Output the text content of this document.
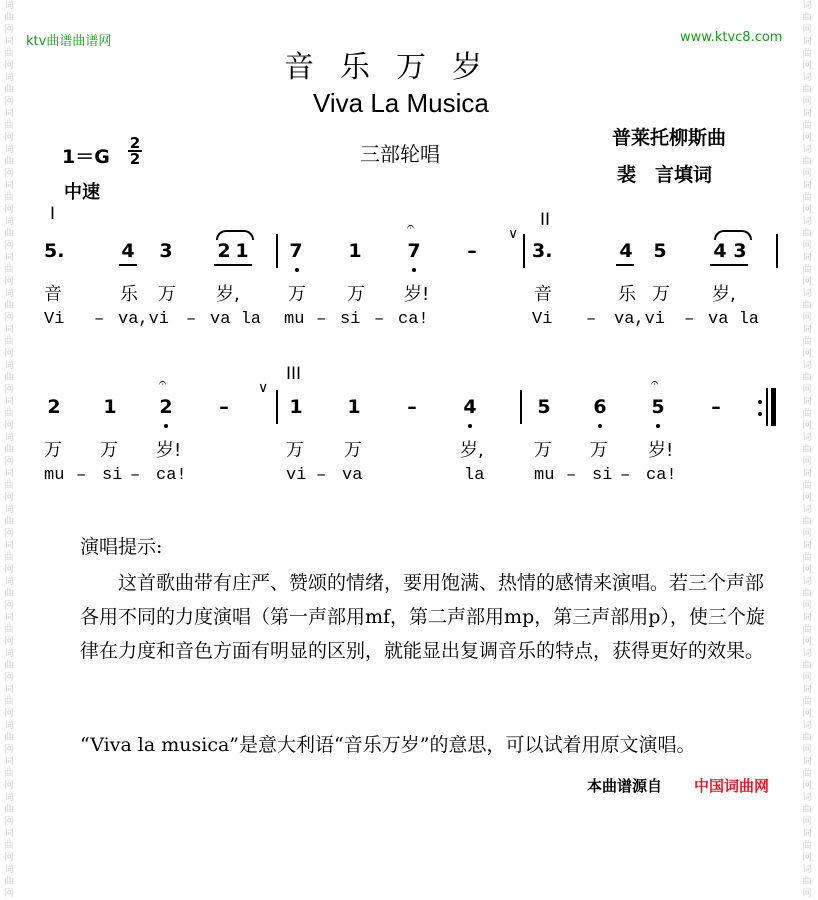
词
曲
网
词
曲
网
词
曲
网
词
曲
网
词
曲
网
词
曲
网
词
曲
网
词
曲
网
词
曲
网
词
曲
网
词
曲
网
词
曲
网
词
曲
网
词
曲
网
词
曲
网
词
曲
网
词
曲
网
词
曲
网
词
曲
网
词
曲
网
词
曲
网
词
曲
网
词
曲
网
词
曲
网
词
曲
网
词
曲
网
词
曲
网
词
曲
网
词
曲
网
词
曲
网
词
曲
网
词
曲
网
词
曲
网
词
曲
网
词
曲
网
词
曲
网
词
曲
网
词
曲
网
词
曲
网
词
曲
网
词
曲
网
词
曲
网
词
曲
网
词
曲
网
词
曲
网
词
曲
网
词
曲
网
词
曲
网
词
曲
网
词
曲
网
ktv曲谱曲谱网	www.ktvc8.com
音乐万岁
Viva La Musica
三部轮唱
普莱托柳斯曲
裴　言填词
1＝G
2
2
中速
I	II
III
5.	4 3 2 1 7 1 7 –
∨
3.	4 5 4 3
𝄐
音	乐 万 岁,	万 万 岁!	音	乐 万 岁,
Vi – va,vi – va la mu – si – ca!	Vi – va,vi – va la
2 1 2 –
∨
1 1 – 4	5 6 5 –
𝄐	𝄐
万 万 岁!	万 万	岁,	万 万 岁!
mu – si – ca!	vi – va	la	mu – si – ca!
演唱提示:
这首歌曲带有庄严、赞颂的情绪，要用饱满、热情的感情来演唱。若三个声部各用不同的力度演唱（第一声部用mf，第二声部用mp，第三声部用p），使三个旋律在力度和音色方面有明显的区别，就能显出复调音乐的特点，获得更好的效果。
“Viva la musica”是意大利语“音乐万岁”的意思，可以试着用原文演唱。
本曲谱源自 中国词曲网
